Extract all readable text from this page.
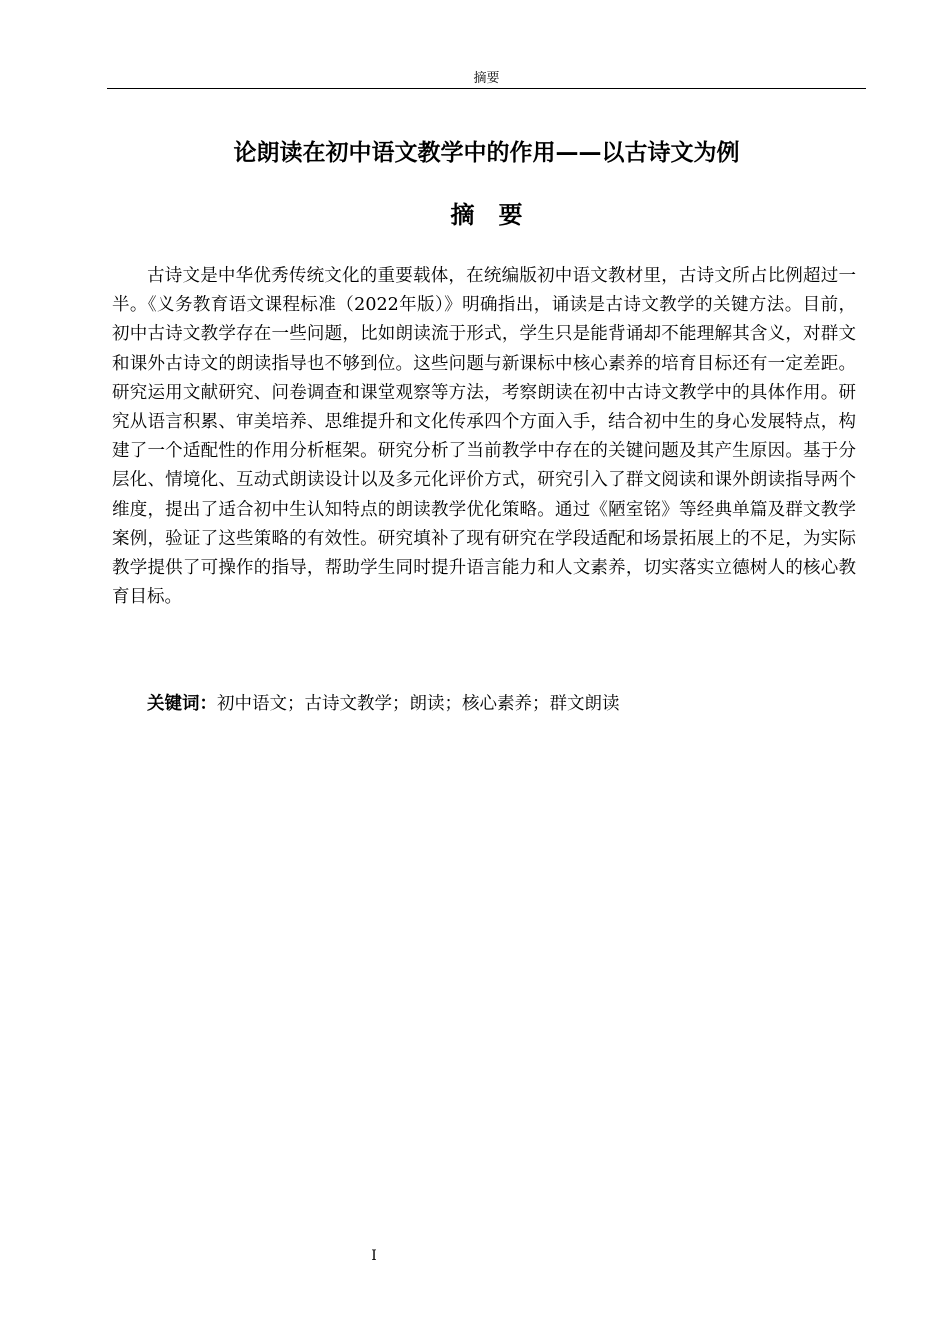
摘要
论朗读在初中语文教学中的作用——以古诗文为例
摘要

古诗文是中华优秀传统文化的重要载体，在统编版初中语文教材里，古诗文所占比例超过一半。《义务教育语文课程标准（2022年版）》明确指出，诵读是古诗文教学的关键方法。目前，初中古诗文教学存在一些问题，比如朗读流于形式，学生只是能背诵却不能理解其含义，对群文和课外古诗文的朗读指导也不够到位。这些问题与新课标中核心素养的培育目标还有一定差距。研究运用文献研究、问卷调查和课堂观察等方法，考察朗读在初中古诗文教学中的具体作用。研究从语言积累、审美培养、思维提升和文化传承四个方面入手，结合初中生的身心发展特点，构建了一个适配性的作用分析框架。研究分析了当前教学中存在的关键问题及其产生原因。基于分层化、情境化、互动式朗读设计以及多元化评价方式，研究引入了群文阅读和课外朗读指导两个维度，提出了适合初中生认知特点的朗读教学优化策略。通过《陋室铭》等经典单篇及群文教学案例，验证了这些策略的有效性。研究填补了现有研究在学段适配和场景拓展上的不足，为实际教学提供了可操作的指导，帮助学生同时提升语言能力和人文素养，切实落实立德树人的核心教育目标。

关键词：初中语文；古诗文教学；朗读；核心素养；群文朗读

I
